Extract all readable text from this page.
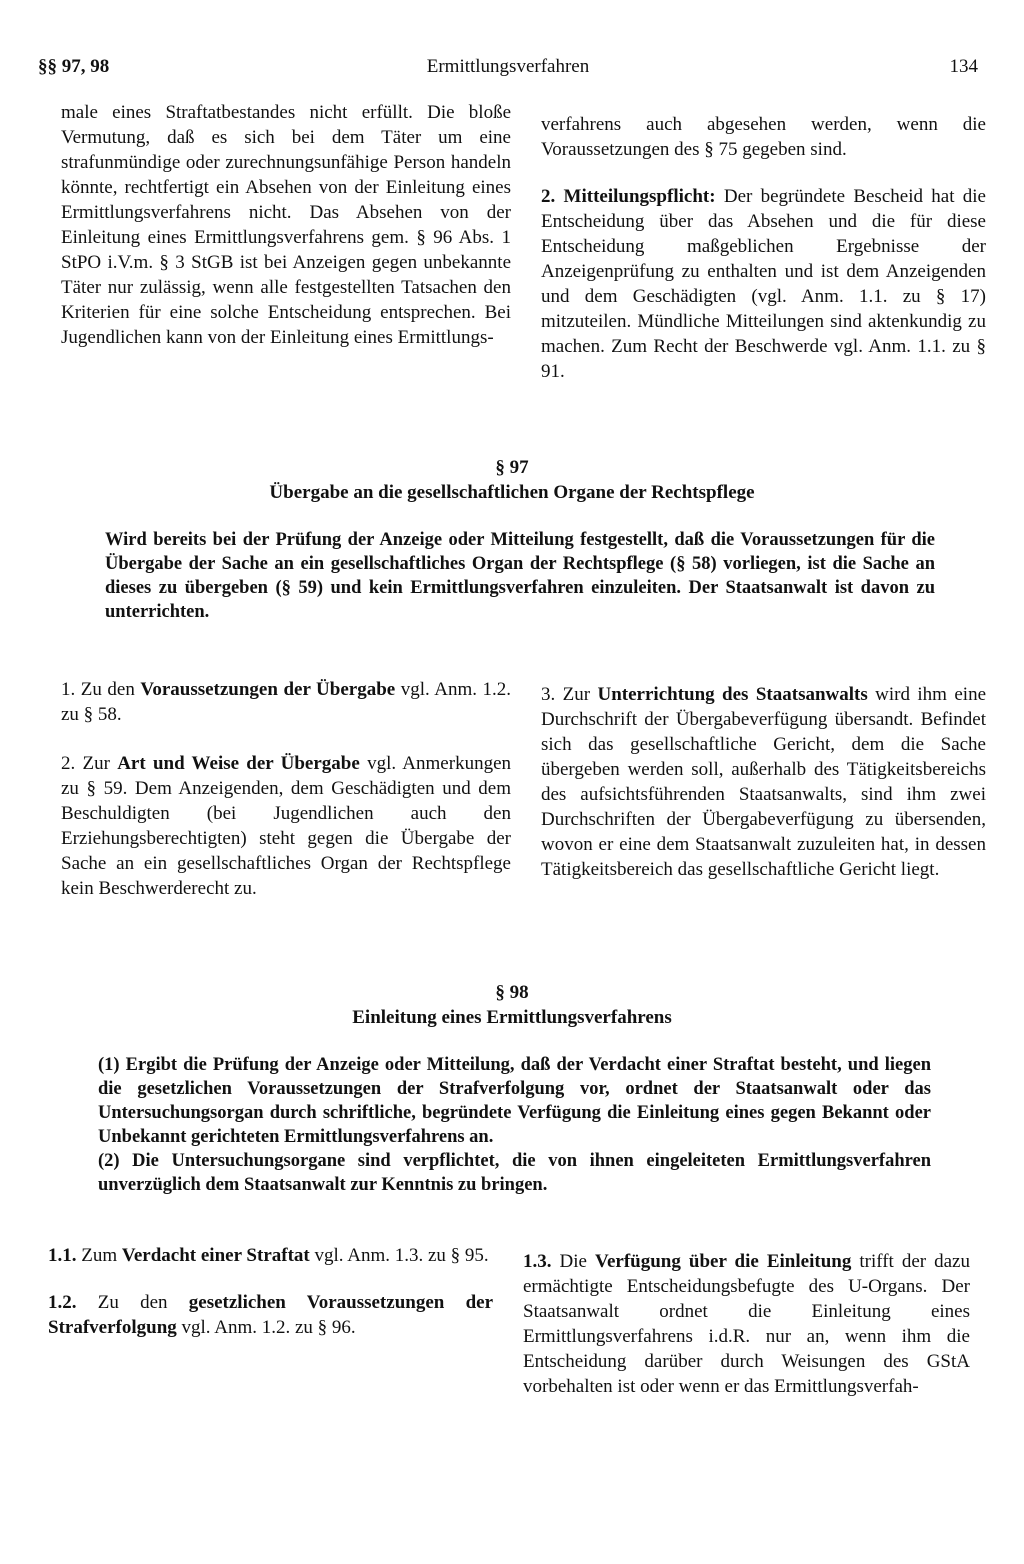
§§ 97, 98	Ermittlungsverfahren	134

male eines Straftatbestandes nicht erfüllt. Die bloße Vermutung, daß es sich bei dem Täter um eine strafunmündige oder zurechnungsunfähige Person handeln könnte, rechtfertigt ein Absehen von der Einleitung eines Ermittlungsverfahrens nicht. Das Absehen von der Einleitung eines Ermittlungsverfahrens gem. § 96 Abs. 1 StPO i.V.m. § 3 StGB ist bei Anzeigen gegen unbekannte Täter nur zulässig, wenn alle festgestellten Tatsachen den Kriterien für eine solche Entscheidung entsprechen. Bei Jugendlichen kann von der Einleitung eines Ermittlungs-

verfahrens auch abgesehen werden, wenn die Voraussetzungen des § 75 gegeben sind.

2. Mitteilungspflicht: Der begründete Bescheid hat die Entscheidung über das Absehen und die für diese Entscheidung maßgeblichen Ergebnisse der Anzeigenprüfung zu enthalten und ist dem Anzeigenden und dem Geschädigten (vgl. Anm. 1.1. zu § 17) mitzuteilen. Mündliche Mitteilungen sind aktenkundig zu machen. Zum Recht der Beschwerde vgl. Anm. 1.1. zu § 91.

§ 97
Übergabe an die gesellschaftlichen Organe der Rechtspflege

Wird bereits bei der Prüfung der Anzeige oder Mitteilung festgestellt, daß die Voraussetzungen für die Übergabe der Sache an ein gesellschaftliches Organ der Rechtspflege (§ 58) vorliegen, ist die Sache an dieses zu übergeben (§ 59) und kein Ermittlungsverfahren einzuleiten. Der Staatsanwalt ist davon zu unterrichten.

1. Zu den Voraussetzungen der Übergabe vgl. Anm. 1.2. zu § 58.

2. Zur Art und Weise der Übergabe vgl. Anmerkungen zu § 59. Dem Anzeigenden, dem Geschädigten und dem Beschuldigten (bei Jugendlichen auch den Erziehungsberechtigten) steht gegen die Übergabe der Sache an ein gesellschaftliches Organ der Rechtspflege kein Beschwerderecht zu.

3. Zur Unterrichtung des Staatsanwalts wird ihm eine Durchschrift der Übergabeverfügung übersandt. Befindet sich das gesellschaftliche Gericht, dem die Sache übergeben werden soll, außerhalb des Tätigkeitsbereichs des aufsichtsführenden Staatsanwalts, sind ihm zwei Durchschriften der Übergabeverfügung zu übersenden, wovon er eine dem Staatsanwalt zuzuleiten hat, in dessen Tätigkeitsbereich das gesellschaftliche Gericht liegt.

§ 98
Einleitung eines Ermittlungsverfahrens

(1) Ergibt die Prüfung der Anzeige oder Mitteilung, daß der Verdacht einer Straftat besteht, und liegen die gesetzlichen Voraussetzungen der Strafverfolgung vor, ordnet der Staatsanwalt oder das Untersuchungsorgan durch schriftliche, begründete Verfügung die Einleitung eines gegen Bekannt oder Unbekannt gerichteten Ermittlungsverfahrens an.

(2) Die Untersuchungsorgane sind verpflichtet, die von ihnen eingeleiteten Ermittlungsverfahren unverzüglich dem Staatsanwalt zur Kenntnis zu bringen.

1.1. Zum Verdacht einer Straftat vgl. Anm. 1.3. zu § 95.

1.2. Zu den gesetzlichen Voraussetzungen der Strafverfolgung vgl. Anm. 1.2. zu § 96.

1.3. Die Verfügung über die Einleitung trifft der dazu ermächtigte Entscheidungsbefugte des U-Organs. Der Staatsanwalt ordnet die Einleitung eines Ermittlungsverfahrens i.d.R. nur an, wenn ihm die Entscheidung darüber durch Weisungen des GStA vorbehalten ist oder wenn er das Ermittlungsverfah-
